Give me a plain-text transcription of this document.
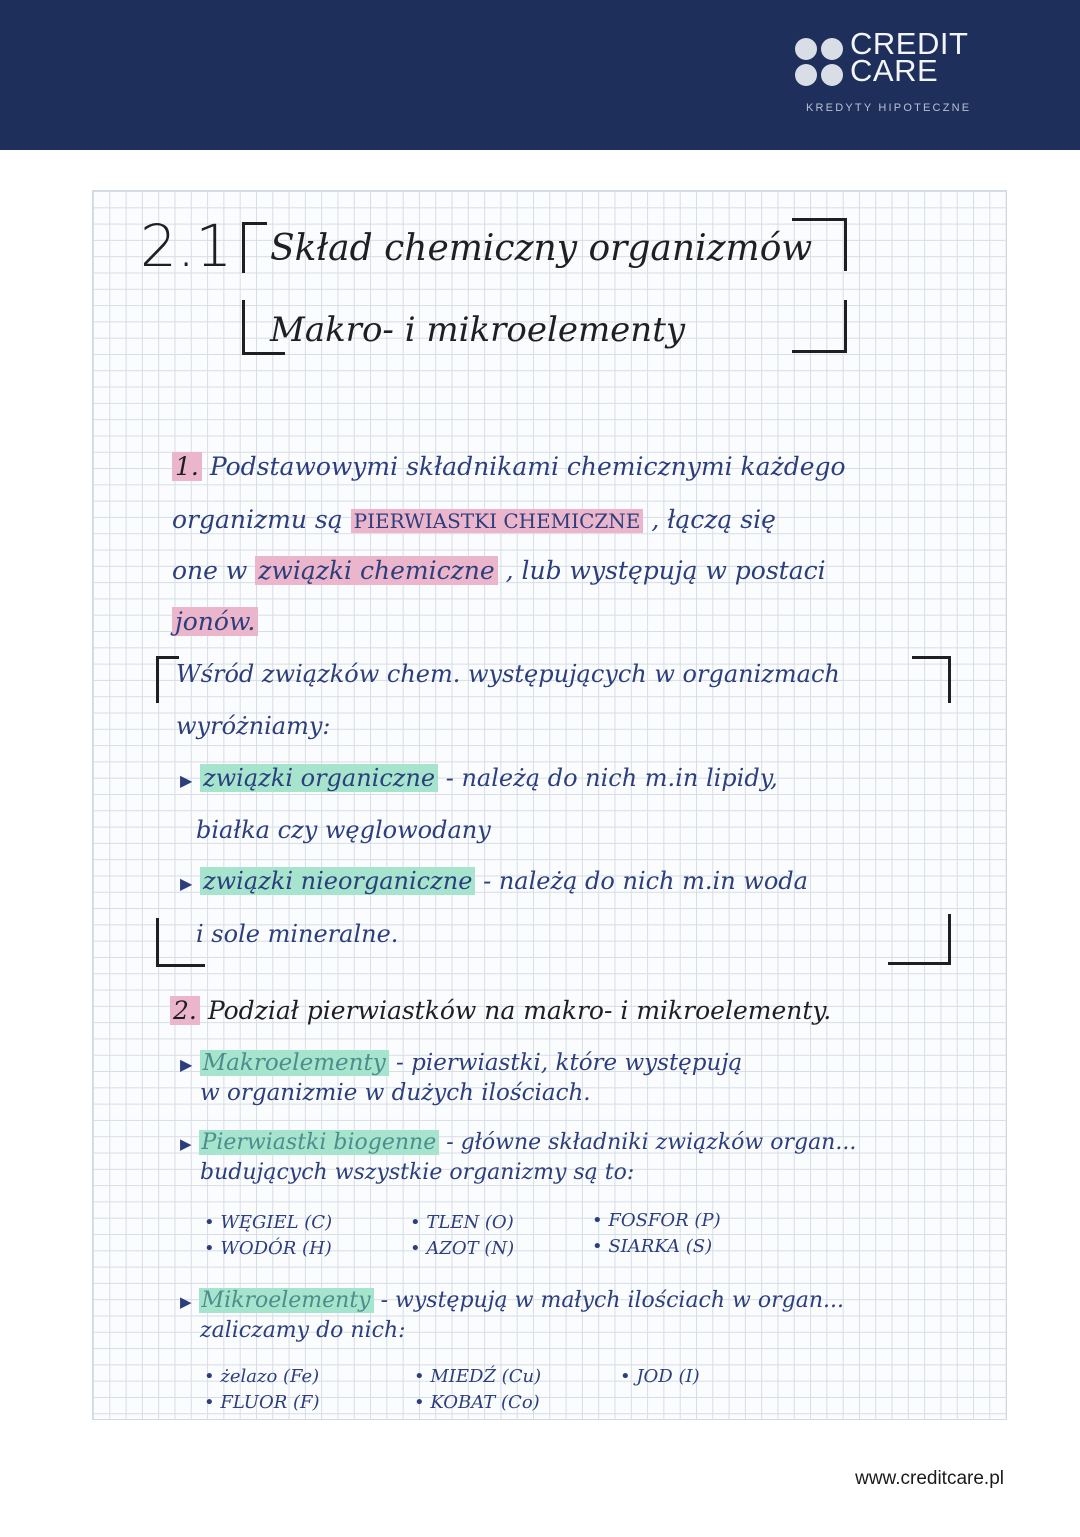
CREDIT
CARE
KREDYTY HIPOTECZNE
2.1 Skład chemiczny organizmów
Makro- i mikroelementy
1. Podstawowymi składnikami chemicznymi każdego
organizmu są PIERWIASTKI CHEMICZNE , łączą się
one w związki chemiczne , lub występują w postaci
jonów.
Wśród związków chem. występujących w organizmach
wyróżniamy:
▶ związki organiczne - należą do nich m.in lipidy,
białka czy węglowodany
▶ związki nieorganiczne - należą do nich m.in woda
i sole mineralne.
2. Podział pierwiastków na makro- i mikroelementy.
▶ Makroelementy - pierwiastki, które występują
w organizmie w dużych ilościach.
▶ Pierwiastki biogenne - główne składniki związków organ...
budujących wszystkie organizmy są to:
• WĘGIEL (C)
• WODÓR (H)
• TLEN (O)
• AZOT (N)
• FOSFOR (P)
• SIARKA (S)
▶ Mikroelementy - występują w małych ilościach w organ...
zaliczamy do nich:
• żelazo (Fe)
• FLUOR (F)
• MIEDŹ (Cu)
• KOBAT (Co)
• JOD (I)
www.creditcare.pl
